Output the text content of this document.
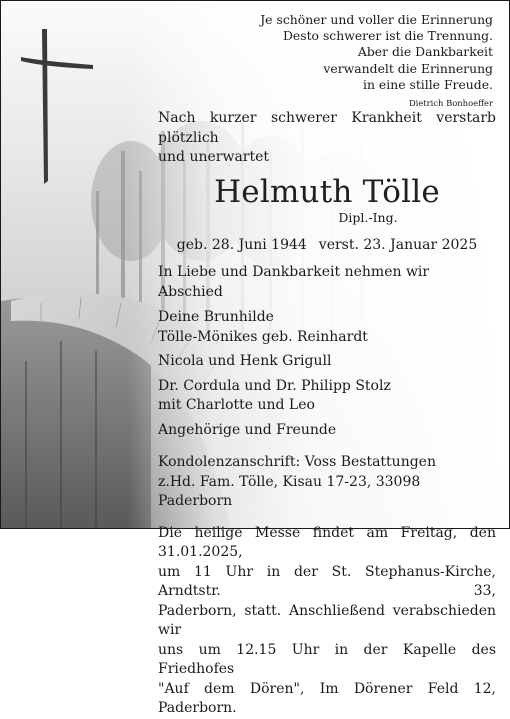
Je schöner und voller die Erinnerung
Desto schwerer ist die Trennung.
Aber die Dankbarkeit
verwandelt die Erinnerung
in eine stille Freude.
Dietrich Bonhoeffer
Nach kurzer schwerer Krankheit verstarb plötzlich
und unerwartet
Helmuth Tölle
Dipl.-Ing.
geb. 28. Juni 1944 verst. 23. Januar 2025
In Liebe und Dankbarkeit nehmen wir Abschied
Deine Brunhilde
Tölle-Mönikes geb. Reinhardt
Nicola und Henk Grigull
Dr. Cordula und Dr. Philipp Stolz
mit Charlotte und Leo
Angehörige und Freunde
Kondolenzanschrift: Voss Bestattungen
z.Hd. Fam. Tölle, Kisau 17-23, 33098 Paderborn
Die heilige Messe findet am Freitag, den 31.01.2025,
um 11 Uhr in der St. Stephanus-Kirche, Arndtstr. 33,
Paderborn, statt. Anschließend verabschieden wir
uns um 12.15 Uhr in der Kapelle des Friedhofes
"Auf dem Dören", Im Dörener Feld 12, Paderborn.
